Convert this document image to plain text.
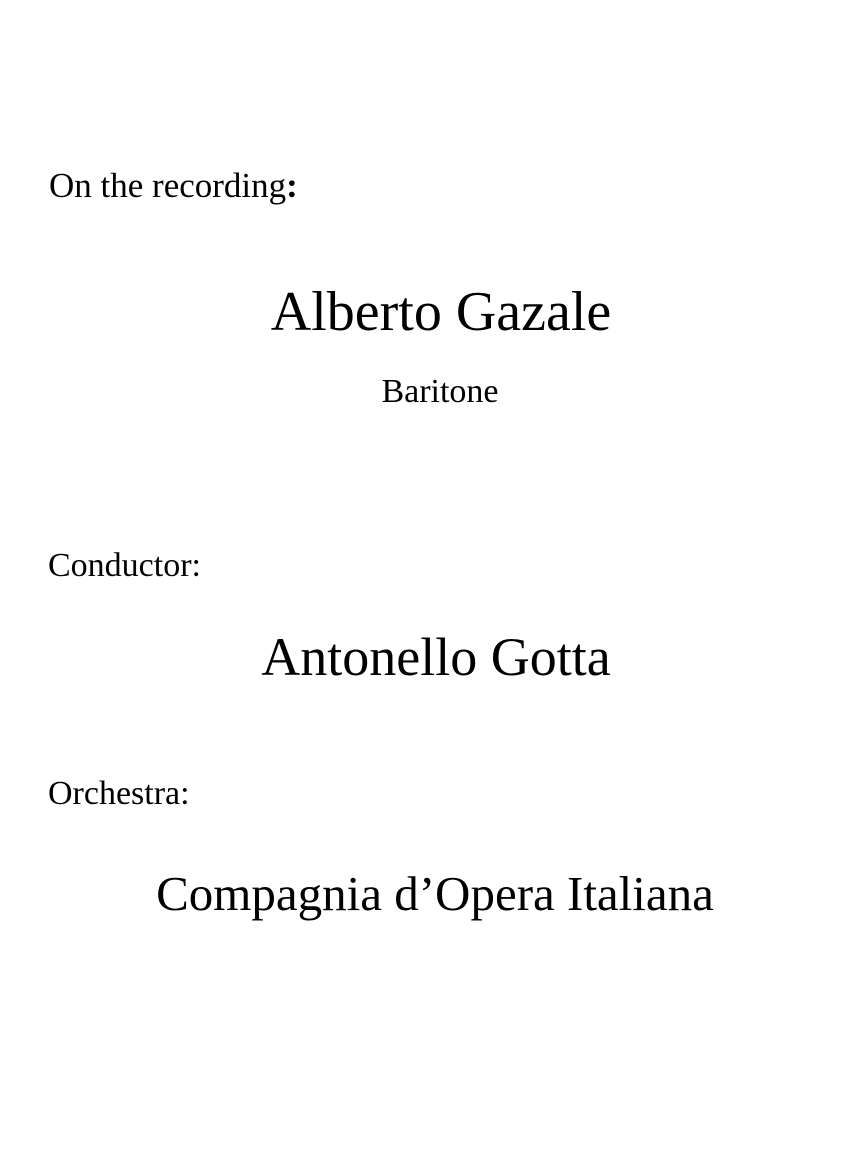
On the recording:
Alberto Gazale
Baritone
Conductor:
Antonello Gotta
Orchestra:
Compagnia d’Opera Italiana
